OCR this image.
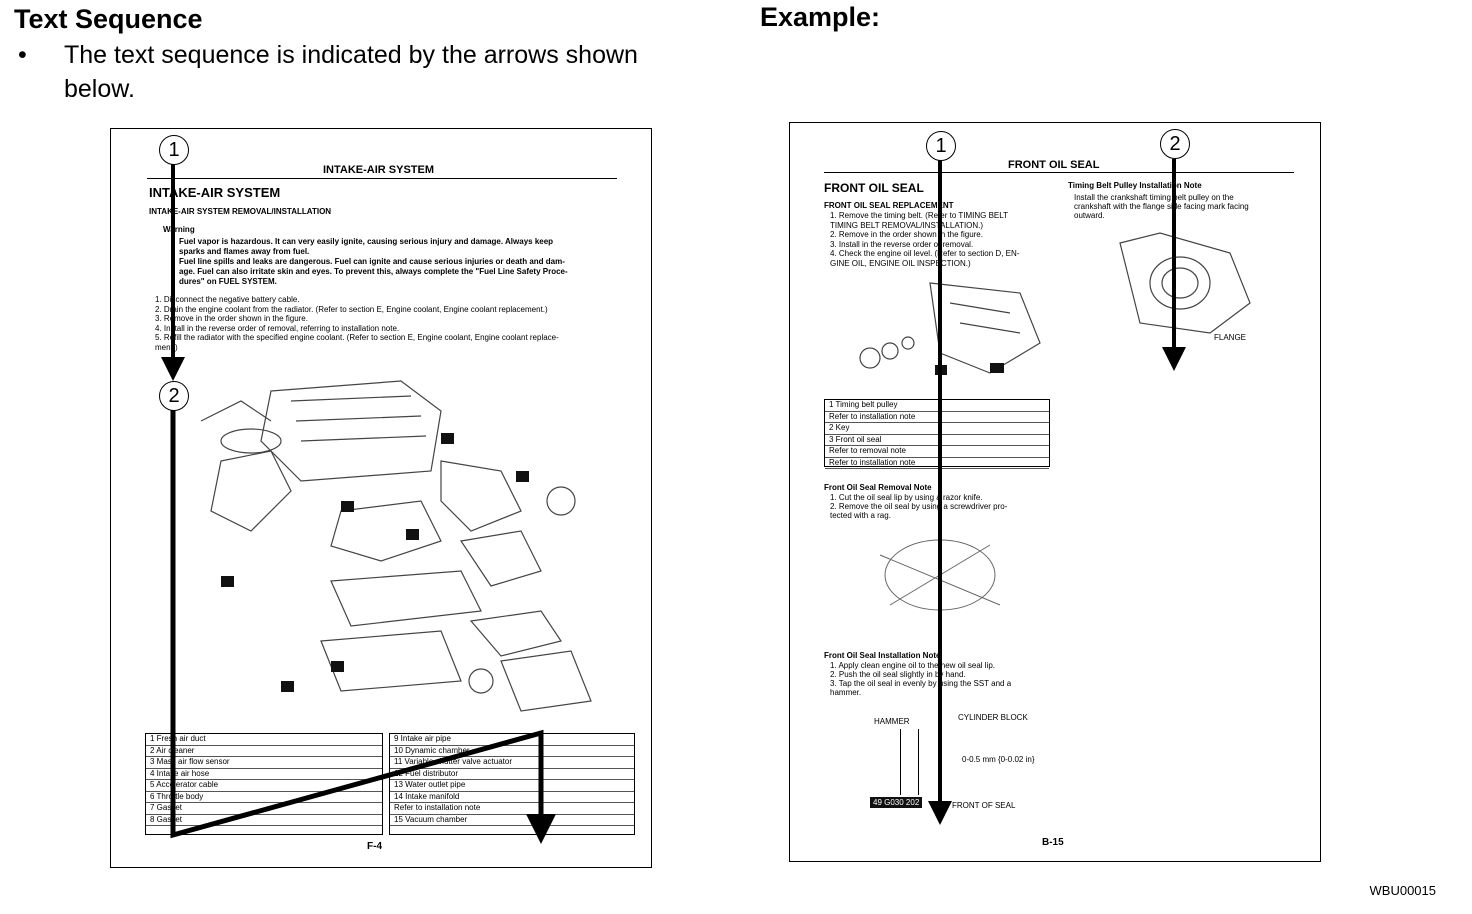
Text Sequence
• The text sequence is indicated by the arrows shown below.
Example:
INTAKE-AIR SYSTEM
INTAKE-AIR SYSTEM
INTAKE-AIR SYSTEM REMOVAL/INSTALLATION
Warning
Fuel vapor is hazardous. It can very easily ignite, causing serious injury and damage. Always keep
sparks and flames away from fuel.
Fuel line spills and leaks are dangerous. Fuel can ignite and cause serious injuries or death and dam-
age. Fuel can also irritate skin and eyes. To prevent this, always complete the "Fuel Line Safety Proce-
dures" on FUEL SYSTEM.
1. Disconnect the negative battery cable.
2. Drain the engine coolant from the radiator. (Refer to section E, Engine coolant, Engine coolant replacement.)
3. Remove in the order shown in the figure.
4. Install in the reverse order of removal, referring to installation note.
5. Refill the radiator with the specified engine coolant. (Refer to section E, Engine coolant, Engine coolant replace-
ment.)
1 Fresh air duct
2 Air cleaner
3 Mass air flow sensor
4 Intake air hose
5 Accelerator cable
6 Throttle body
7 Gasket
8 Gasket
9 Intake air pipe
10 Dynamic chamber
11 Variable shutter valve actuator
12 Fuel distributor
13 Water outlet pipe
14 Intake manifold
Refer to installation note
15 Vacuum chamber
F-4
1
2
FRONT OIL SEAL
FRONT OIL SEAL
FRONT OIL SEAL REPLACEMENT
1. Remove the timing belt. (Refer to TIMING BELT
TIMING BELT REMOVAL/INSTALLATION.)
2. Remove in the order shown in the figure.
3. Install in the reverse order of removal.
4. Check the engine oil level. (Refer to section D, EN-
GINE OIL, ENGINE OIL INSPECTION.)
Timing Belt Pulley Installation Note
Install the crankshaft timing belt pulley on the
crankshaft with the flange side facing mark facing
outward.
FLANGE
1 Timing belt pulley
Refer to installation note
2 Key
3 Front oil seal
Refer to removal note
Refer to installation note
Front Oil Seal Removal Note
1. Cut the oil seal lip by using a razor knife.
2. Remove the oil seal by using a screwdriver pro-
tected with a rag.
Front Oil Seal Installation Note
1. Apply clean engine oil to the new oil seal lip.
2. Push the oil seal slightly in by hand.
3. Tap the oil seal in evenly by using the SST and a
hammer.
HAMMER	CYLINDER BLOCK
0-0.5 mm {0-0.02 in}
49 G030 202	FRONT OF SEAL
B-15
1	2
WBU00015
